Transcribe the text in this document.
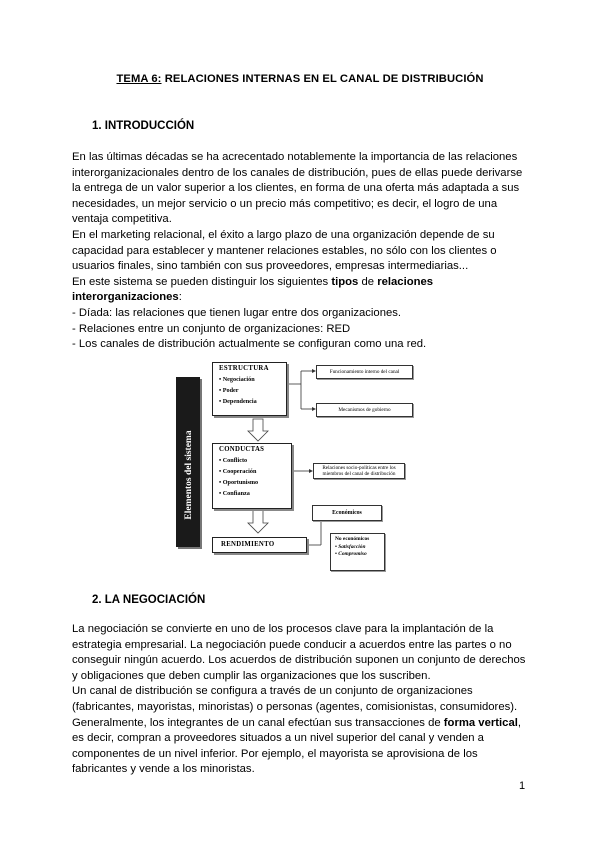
TEMA 6: RELACIONES INTERNAS EN EL CANAL DE DISTRIBUCIÓN
1. INTRODUCCIÓN

En las últimas décadas se ha acrecentado notablemente la importancia de las relaciones interorganizacionales dentro de los canales de distribución, pues de ellas puede derivarse la entrega de un valor superior a los clientes, en forma de una oferta más adaptada a sus necesidades, un mejor servicio o un precio más competitivo; es decir, el logro de una ventaja competitiva.

En el marketing relacional, el éxito a largo plazo de una organización depende de su capacidad para establecer y mantener relaciones estables, no sólo con los clientes o usuarios finales, sino también con sus proveedores, empresas intermediarias...

En este sistema se pueden distinguir los siguientes tipos de relaciones interorganizaciones:

- Díada: las relaciones que tienen lugar entre dos organizaciones.

- Relaciones entre un conjunto de organizaciones: RED

- Los canales de distribución actualmente se configuran como una red.

Elementos del sistema
ESTRUCTURA
• Negociación
• Poder
• Dependencia
Funcionamiento interno del canal
Mecanismos de gobierno
CONDUCTAS
• Conflicto
• Cooperación
• Oportunismo
• Confianza
Relaciones socio-políticas entre los miembros del canal de distribución
RENDIMIENTO
Económicos
No económicos
• Satisfacción
• Compromiso
2. LA NEGOCIACIÓN

La negociación se convierte en uno de los procesos clave para la implantación de la estrategia empresarial. La negociación puede conducir a acuerdos entre las partes o no conseguir ningún acuerdo. Los acuerdos de distribución suponen un conjunto de derechos y obligaciones que deben cumplir las organizaciones que los suscriben.

Un canal de distribución se configura a través de un conjunto de organizaciones (fabricantes, mayoristas, minoristas) o personas (agentes, comisionistas, consumidores).

Generalmente, los integrantes de un canal efectúan sus transacciones de forma vertical, es decir, compran a proveedores situados a un nivel superior del canal y venden a componentes de un nivel inferior. Por ejemplo, el mayorista se aprovisiona de los fabricantes y vende a los minoristas.

1
